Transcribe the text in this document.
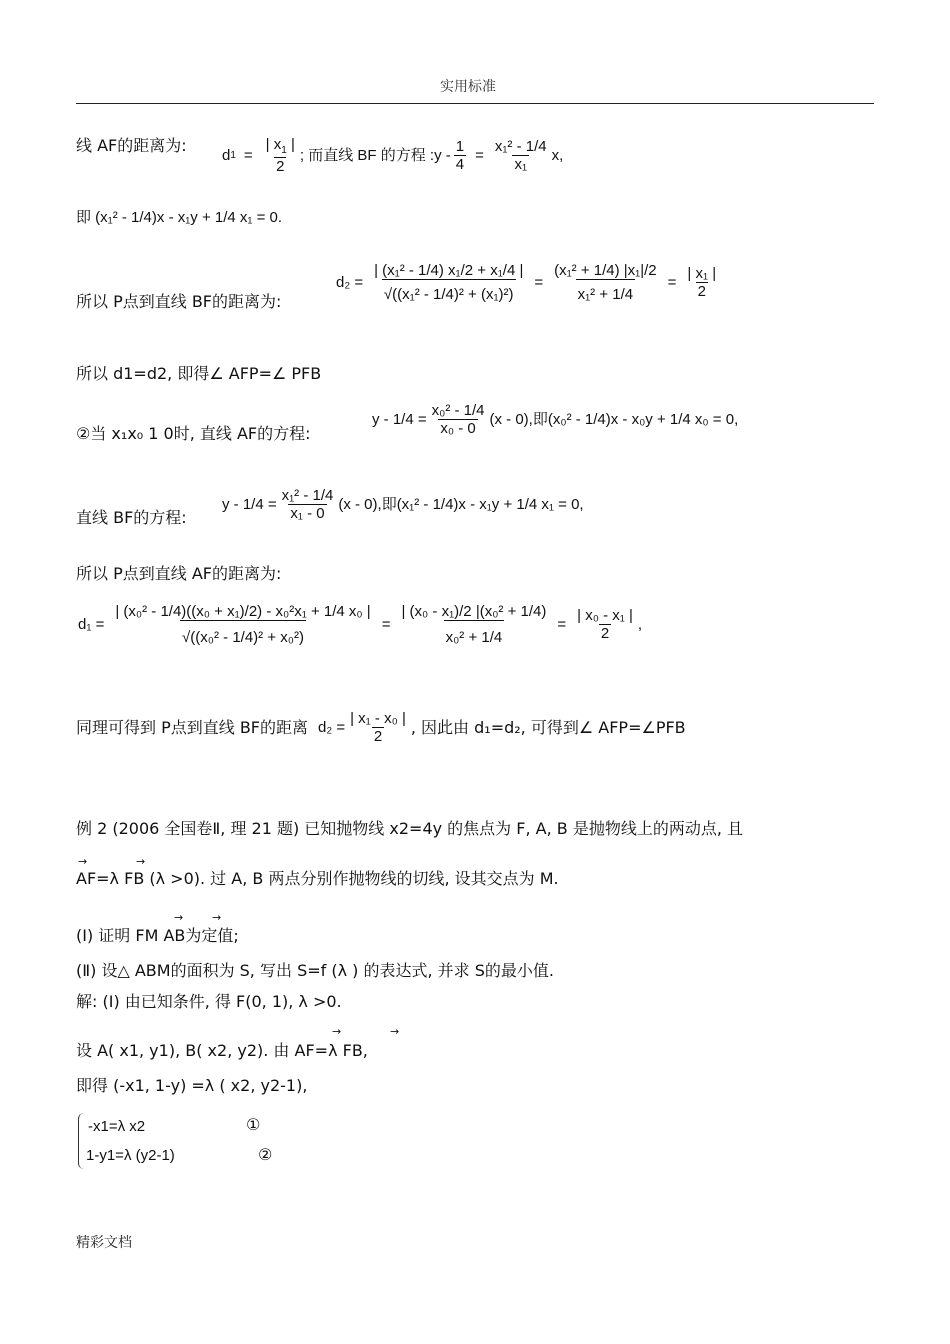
实用标准
线 AF的距离为:
d $1 = \frac{| x_1 |}{2}$ ; 而直线 BF 的方程 :y - $\frac{1}{4} = \frac{\text{x₁² - 1/4}}{\text{x₁}} x$,
即 (x₁² - 1/4)x - x₁y + 1/4 x₁ = 0.
所以 P点到直线 BF的距离为:
$d_2 = \frac{\text{| (x₁² - 1/4) x₁/2 + x₁/4 |}}{\text{√((x₁² - 1/4)² + (x₁)²)}} = \frac{\text{(x₁² + 1/4) |x₁|/2}}{\text{x₁² + 1/4}} = \frac{\text{| x₁ |}}{2}$
所以 d1=d2, 即得∠ AFP=∠ PFB
②当 x₁x₀ 1 0时, 直线 AF的方程:
$y - 1/4 = \frac{\text{x₀² - 1/4}}{\text{x₀ - 0}} (x - 0)$,即(x₀² - 1/4)x - x₀y + 1/4 x₀ = 0,
直线 BF的方程:
$y - 1/4 = \frac{\text{x₁² - 1/4}}{\text{x₁ - 0}} (x - 0)$,即(x₁² - 1/4)x - x₁y + 1/4 x₁ = 0,
所以 P点到直线 AF的距离为:
$d_1 = \frac{\text{| (x₀² - 1/4)((x₀ + x₁)/2) - x₀²x₁ + 1/4 x₀ |}}{\text{√((x₀² - 1/4)² + x₀²)}} = \frac{\text{| (x₀ - x₁)/2 |(x₀² + 1/4)}}{\text{x₀² + 1/4}} = \frac{\text{| x₀ - x₁ |}}{2}$ ,
同理可得到 P点到直线 BF的距离 $d_2 = \frac{\text{| x₁ - x₀ |}}{2}$ , 因此由 d₁=d₂, 可得到∠ AFP=∠PFB
例 2 (2006 全国卷Ⅱ, 理 21 题) 已知抛物线 x2=4y 的焦点为 F, A, B 是抛物线上的两动点, 且
→	→
AF=λ FB (λ >0). 过 A, B 两点分别作抛物线的切线, 设其交点为 M.
→	→
(Ⅰ) 证明 FM AB为定值;
(Ⅱ) 设△ ABM的面积为 S, 写出 S=f (λ ) 的表达式, 并求 S的最小值.
解: (Ⅰ) 由已知条件, 得 F(0, 1), λ >0.
→	→
设 A( x1, y1), B( x2, y2). 由 AF=λ FB,
即得 (-x1, 1-y) =λ ( x2, y2-1),
-x1=λ x2	①
1-y1=λ (y2-1)	②
精彩文档
